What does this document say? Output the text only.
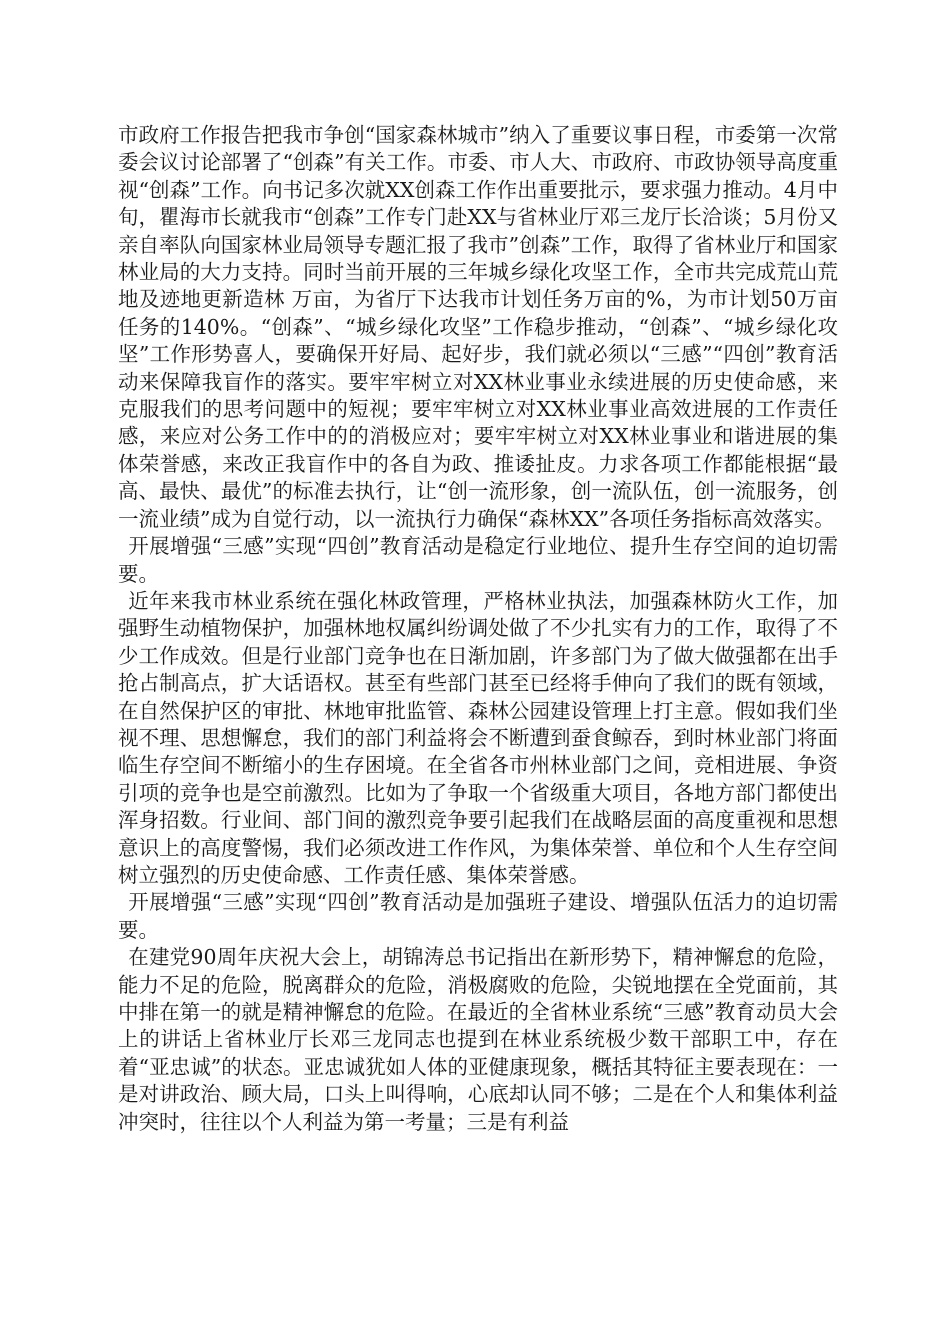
市政府工作报告把我市争创“国家森林城市”纳入了重要议事日程，市委第一次常委会议讨论部署了“创森”有关工作。市委、市人大、市政府、市政协领导高度重视“创森”工作。向书记多次就XX创森工作作出重要批示，要求强力推动。4月中旬，瞿海市长就我市“创森”工作专门赴XX与省林业厅邓三龙厅长洽谈；5月份又亲自率队向国家林业局领导专题汇报了我市”创森”工作，取得了省林业厅和国家林业局的大力支持。同时当前开展的三年城乡绿化攻坚工作，全市共完成荒山荒地及迹地更新造林 万亩，为省厅下达我市计划任务万亩的%，为市计划50万亩任务的140%。“创森”、“城乡绿化攻坚”工作稳步推动，“创森”、“城乡绿化攻坚”工作形势喜人，要确保开好局、起好步，我们就必须以“三感”“四创”教育活动来保障我盲作的落实。要牢牢树立对XX林业事业永续进展的历史使命感，来克服我们的思考问题中的短视；要牢牢树立对XX林业事业高效进展的工作责任感，来应对公务工作中的的消极应对；要牢牢树立对XX林业事业和谐进展的集体荣誉感，来改正我盲作中的各自为政、推诿扯皮。力求各项工作都能根据“最高、最快、最优”的标准去执行，让“创一流形象，创一流队伍，创一流服务，创一流业绩”成为自觉行动，以一流执行力确保“森林XX”各项任务指标高效落实。

开展增强“三感”实现“四创”教育活动是稳定行业地位、提升生存空间的迫切需要。

近年来我市林业系统在强化林政管理，严格林业执法，加强森林防火工作，加强野生动植物保护，加强林地权属纠纷调处做了不少扎实有力的工作，取得了不少工作成效。但是行业部门竞争也在日渐加剧，许多部门为了做大做强都在出手抢占制高点，扩大话语权。甚至有些部门甚至已经将手伸向了我们的既有领域，在自然保护区的审批、林地审批监管、森林公园建设管理上打主意。假如我们坐视不理、思想懈怠，我们的部门利益将会不断遭到蚕食鲸吞，到时林业部门将面临生存空间不断缩小的生存困境。在全省各市州林业部门之间，竞相进展、争资引项的竞争也是空前激烈。比如为了争取一个省级重大项目，各地方部门都使出浑身招数。行业间、部门间的激烈竞争要引起我们在战略层面的高度重视和思想意识上的高度警惕，我们必须改进工作作风，为集体荣誉、单位和个人生存空间树立强烈的历史使命感、工作责任感、集体荣誉感。

开展增强“三感”实现“四创”教育活动是加强班子建设、增强队伍活力的迫切需要。

在建党90周年庆祝大会上，胡锦涛总书记指出在新形势下，精神懈怠的危险，能力不足的危险，脱离群众的危险，消极腐败的危险，尖锐地摆在全党面前，其中排在第一的就是精神懈怠的危险。在最近的全省林业系统“三感”教育动员大会上的讲话上省林业厅长邓三龙同志也提到在林业系统极少数干部职工中，存在着“亚忠诚”的状态。亚忠诚犹如人体的亚健康现象，概括其特征主要表现在：一是对讲政治、顾大局，口头上叫得响，心底却认同不够；二是在个人和集体利益冲突时，往往以个人利益为第一考量；三是有利益
